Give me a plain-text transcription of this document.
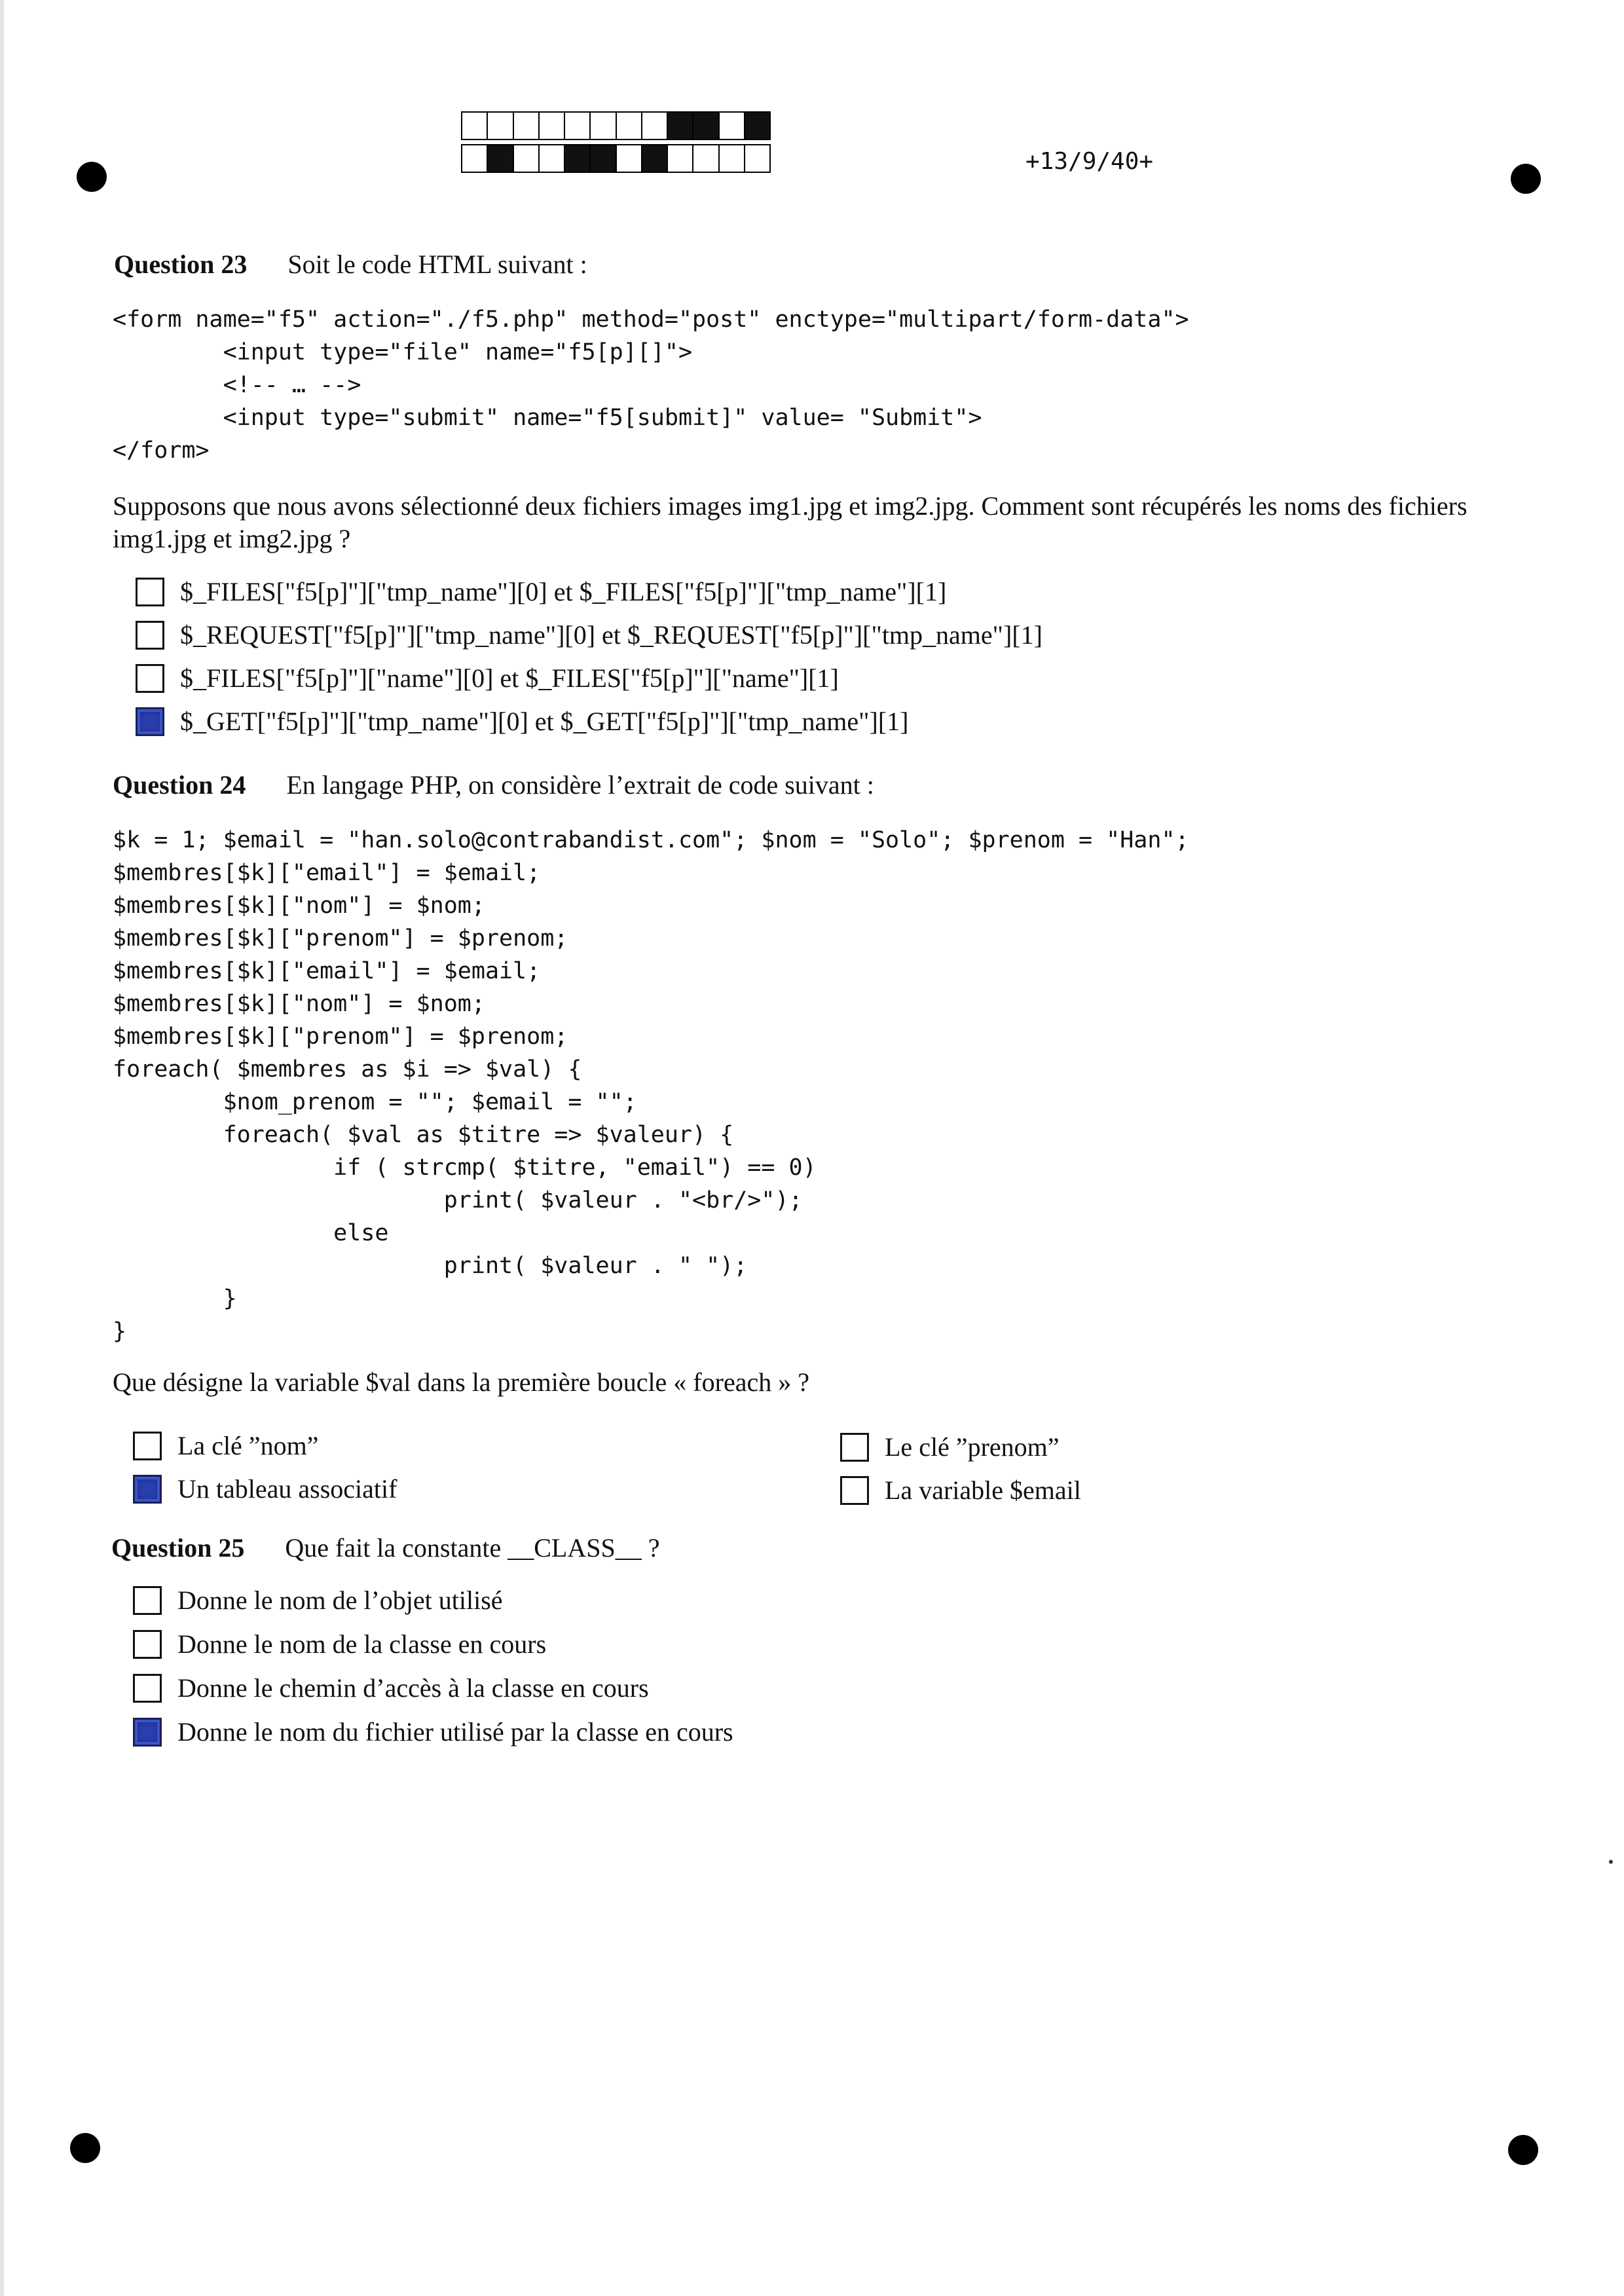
+13/9/40+
Question 23 Soit le code HTML suivant :
<form name="f5" action="./f5.php" method="post" enctype="multipart/form-data">
<input type="file" name="f5[p][]">
<!-- … -->
<input type="submit" name="f5[submit]" value= "Submit">
</form>
Supposons que nous avons sélectionné deux fichiers images img1.jpg et img2.jpg. Comment sont récupérés les noms des fichiers img1.jpg et img2.jpg ?
$_FILES["f5[p]"]["tmp_name"][0] et $_FILES["f5[p]"]["tmp_name"][1]
$_REQUEST["f5[p]"]["tmp_name"][0] et $_REQUEST["f5[p]"]["tmp_name"][1]
$_FILES["f5[p]"]["name"][0] et $_FILES["f5[p]"]["name"][1]
$_GET["f5[p]"]["tmp_name"][0] et $_GET["f5[p]"]["tmp_name"][1]
Question 24 En langage PHP, on considère l’extrait de code suivant :
$k = 1; $email = "han.solo@contrabandist.com"; $nom = "Solo"; $prenom = "Han";
$membres[$k]["email"] = $email;
$membres[$k]["nom"] = $nom;
$membres[$k]["prenom"] = $prenom;
$membres[$k]["email"] = $email;
$membres[$k]["nom"] = $nom;
$membres[$k]["prenom"] = $prenom;
foreach( $membres as $i => $val) {
$nom_prenom = ""; $email = "";
foreach( $val as $titre => $valeur) {
if ( strcmp( $titre, "email") == 0)
print( $valeur . "<br/>");
else
print( $valeur . " ");
}
}
Que désigne la variable $val dans la première boucle « foreach » ?
La clé ”nom”	Le clé ”prenom”
Un tableau associatif	La variable $email
Question 25 Que fait la constante __CLASS__ ?
Donne le nom de l’objet utilisé
Donne le nom de la classe en cours
Donne le chemin d’accès à la classe en cours
Donne le nom du fichier utilisé par la classe en cours
